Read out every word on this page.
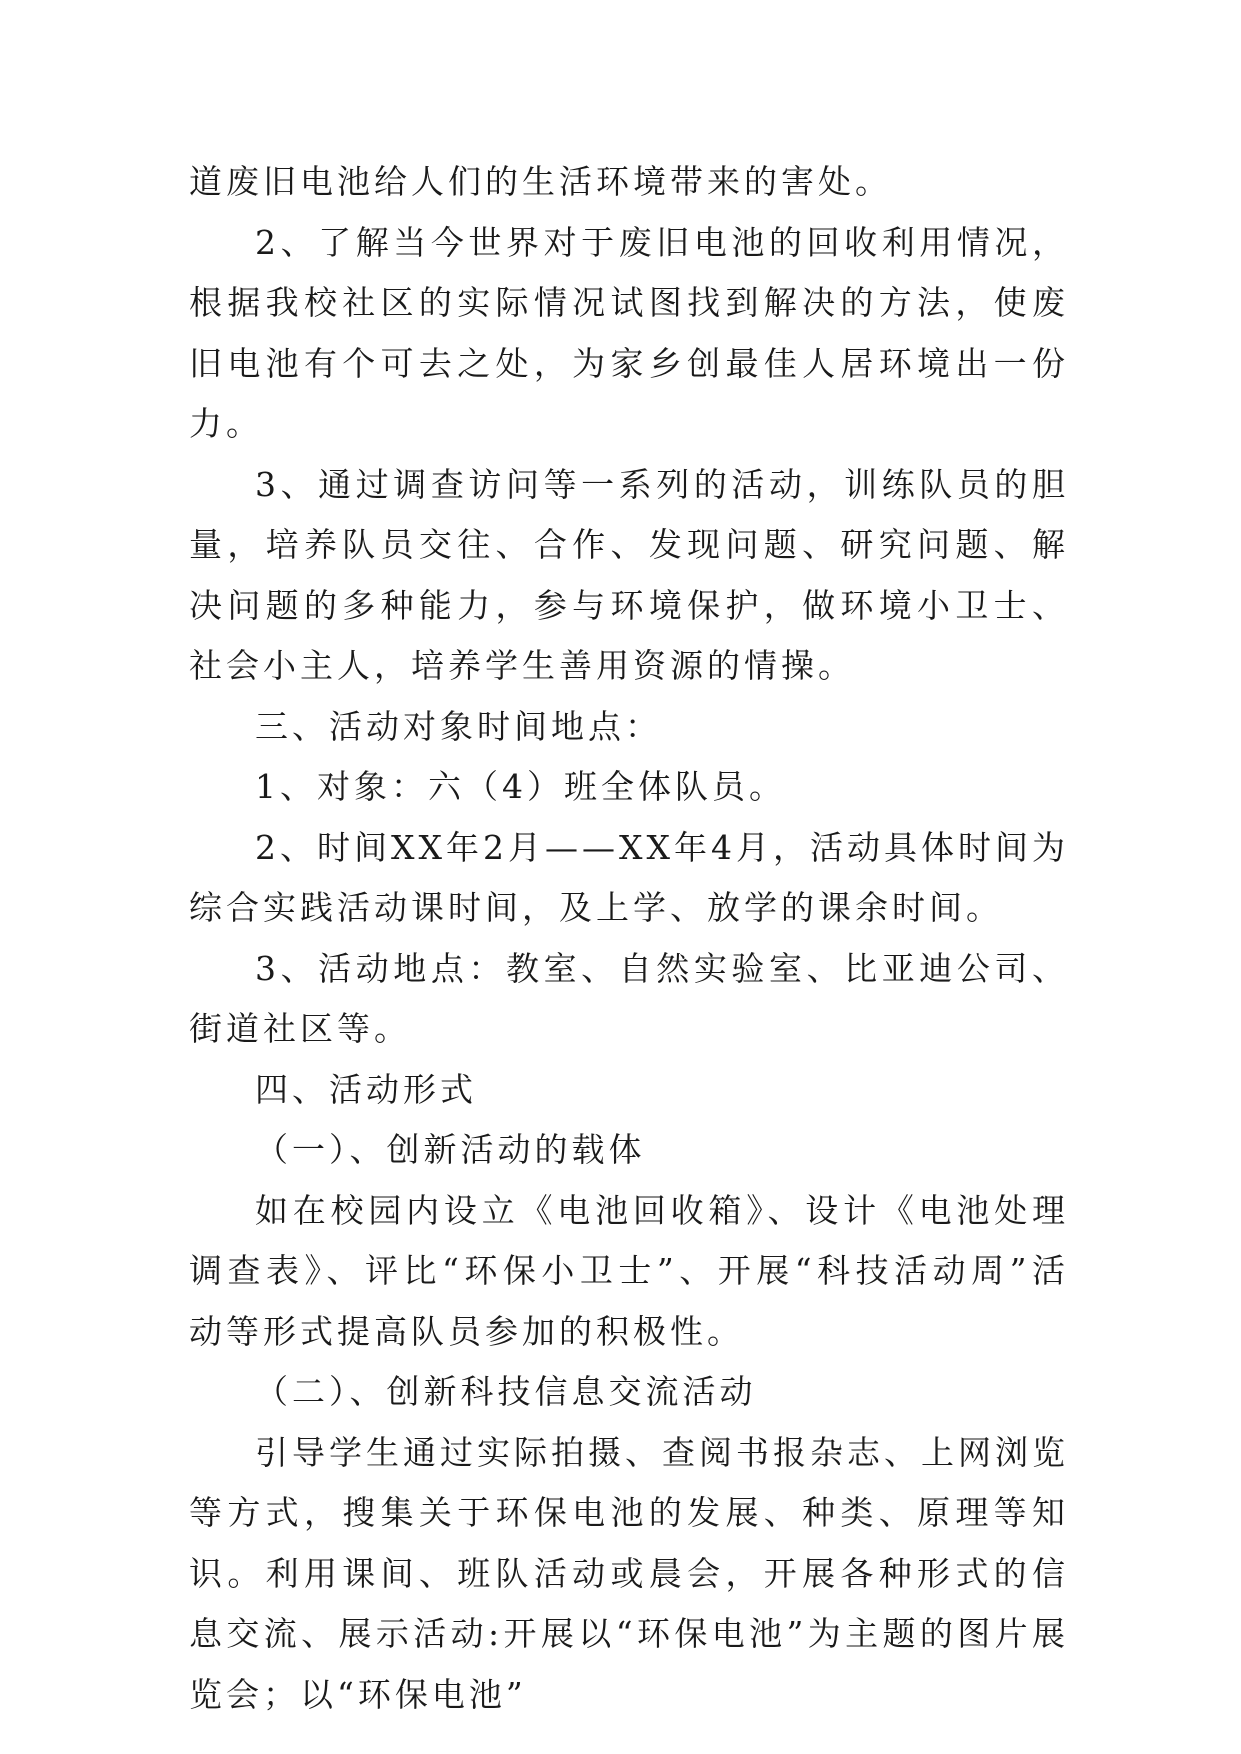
道废旧电池给人们的生活环境带来的害处。

2、了解当今世界对于废旧电池的回收利用情况，根据我校社区的实际情况试图找到解决的方法，使废旧电池有个可去之处，为家乡创最佳人居环境出一份力。

3、通过调查访问等一系列的活动，训练队员的胆量，培养队员交往、合作、发现问题、研究问题、解决问题的多种能力，参与环境保护，做环境小卫士、社会小主人，培养学生善用资源的情操。

三、活动对象时间地点：

1、对象：六（4）班全体队员。

2、时间XX年2月——XX年4月，活动具体时间为综合实践活动课时间，及上学、放学的课余时间。

3、活动地点：教室、自然实验室、比亚迪公司、街道社区等。

四、活动形式

（一）、创新活动的载体

如在校园内设立《电池回收箱》、设计《电池处理调查表》、评比“环保小卫士”、开展“科技活动周”活动等形式提高队员参加的积极性。

（二）、创新科技信息交流活动

引导学生通过实际拍摄、查阅书报杂志、上网浏览等方式，搜集关于环保电池的发展、种类、原理等知识。利用课间、班队活动或晨会，开展各种形式的信息交流、展示活动:开展以“环保电池”为主题的图片展览会；以“环保电池”
